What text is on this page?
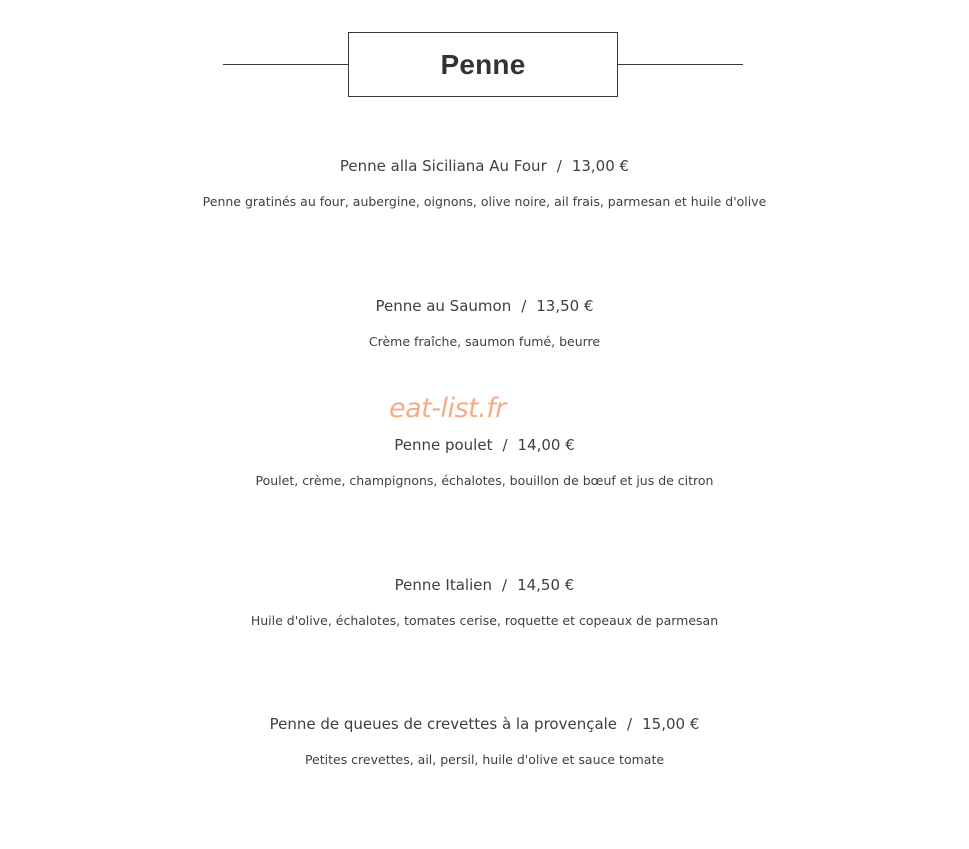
Penne
Penne alla Siciliana Au Four / 13,00 €
Penne gratinés au four, aubergine, oignons, olive noire, ail frais, parmesan et huile d'olive
Penne au Saumon / 13,50 €
Crème fraîche, saumon fumé, beurre
eat-list.fr
Penne poulet / 14,00 €
Poulet, crème, champignons, échalotes, bouillon de bœuf et jus de citron
Penne Italien / 14,50 €
Huile d'olive, échalotes, tomates cerise, roquette et copeaux de parmesan
Penne de queues de crevettes à la provençale / 15,00 €
Petites crevettes, ail, persil, huile d'olive et sauce tomate
